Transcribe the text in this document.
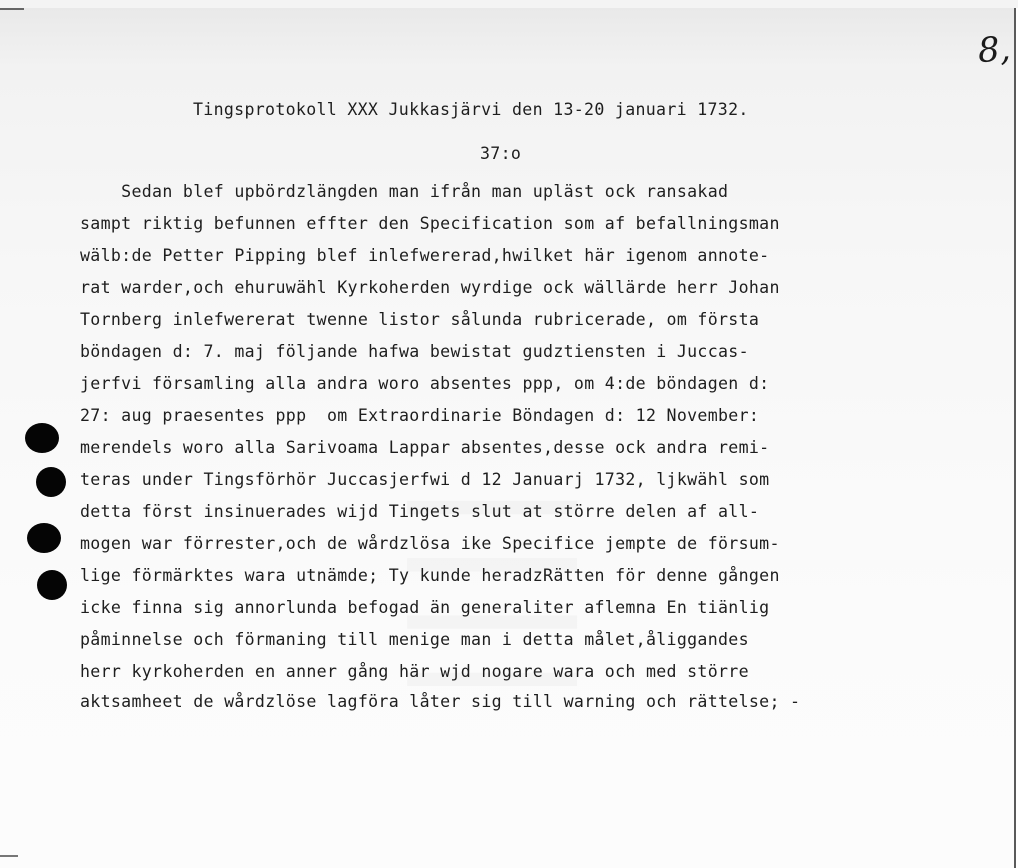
8,
Tingsprotokoll XXX Jukkasjärvi den 13-20 januari 1732.
37:o
Sedan blef upbördzlängden man ifrån man upläst ock ransakad
sampt riktig befunnen effter den Specification som af befallningsman
wälb:de Petter Pipping blef inlefwererad,hwilket här igenom annote-
rat warder,och ehuruwähl Kyrkoherden wyrdige ock wällärde herr Johan
Tornberg inlefwererat twenne listor sålunda rubricerade, om första
böndagen d: 7. maj följande hafwa bewistat gudztiensten i Juccas-
jerfvi församling alla andra woro absentes ppp, om 4:de böndagen d:
27: aug praesentes ppp  om Extraordinarie Böndagen d: 12 November:
merendels woro alla Sarivoama Lappar absentes,desse ock andra remi-
teras under Tingsförhör Juccasjerfwi d 12 Januarj 1732, ljkwähl som
detta först insinuerades wijd Tingets slut at större delen af all-
mogen war förrester,och de wårdzlösa ike Specifice jempte de försum-
lige förmärktes wara utnämde; Ty kunde heradzRätten för denne gången
icke finna sig annorlunda befogad än generaliter aflemna En tiänlig
påminnelse och förmaning till menige man i detta målet,åliggandes
herr kyrkoherden en anner gång här wjd nogare wara och med större
aktsamheet de wårdzlöse lagföra låter sig till warning och rättelse; -
